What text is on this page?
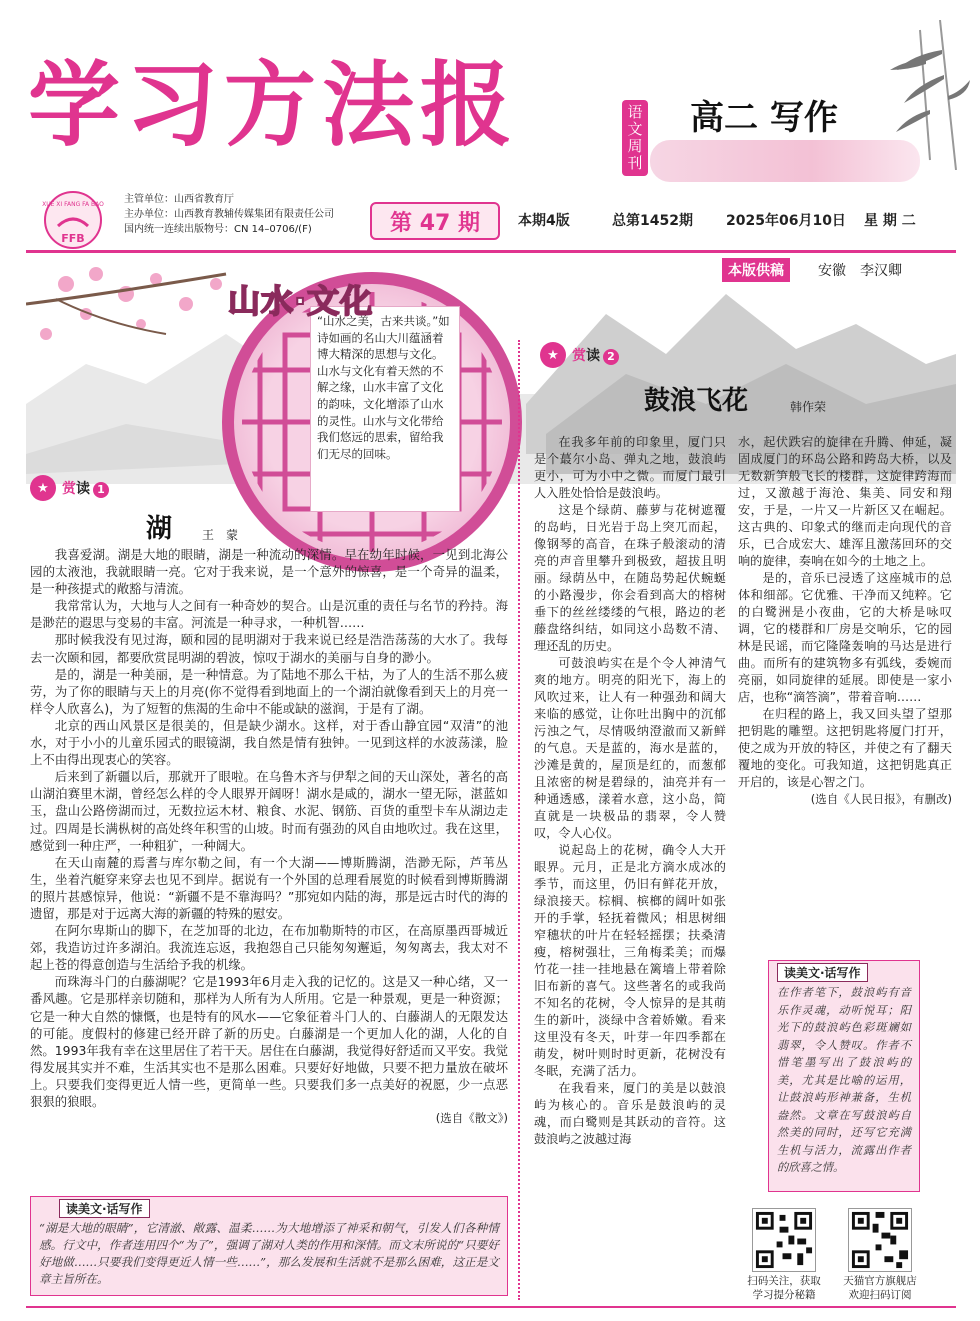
学习方法报	语文周刊
高二 写作
XUE XI FANG FA BAO
FFB
主管单位：山西省教育厅
主办单位：山西教育教辅传媒集团有限责任公司
国内统一连续出版物号：CN 14–0706/(F)	第 47 期	本期4版	总第1452期 2025年06月10日 星 期 二
本版供稿	安徽　李汉卿
“山水之美，古来共谈。”如诗如画的名山大川蕴涵着博大精深的思想与文化。山水与文化有着天然的不解之缘，山水丰富了文化的韵味，文化增添了山水的灵性。山水与文化带给我们悠远的思索，留给我们无尽的回味。
山水·文化
★ 赏读 1
湖 王　蒙

我喜爱湖。湖是大地的眼睛，湖是一种流动的深情。早在幼年时候，一见到北海公园的太液池，我就眼睛一亮。它对于我来说，是一个意外的惊喜，是一个奇异的温柔，是一种孩提式的敞豁与清流。

我常常认为，大地与人之间有一种奇妙的契合。山是沉重的责任与名节的矜持。海是渺茫的遐思与变易的丰富。河流是一种寻求，一种机智……

那时候我没有见过海，颐和园的昆明湖对于我来说已经是浩浩荡荡的大水了。我每去一次颐和园，都要欣赏昆明湖的碧波，惊叹于湖水的美丽与自身的渺小。

是的，湖是一种美丽，是一种情意。为了陆地不那么干枯，为了人的生活不那么疲劳，为了你的眼睛与天上的月亮(你不觉得看到地面上的一个湖泊就像看到天上的月亮一样令人欣喜么)，为了短暂的焦渴的生命中不能或缺的滋润，于是有了湖。

北京的西山风景区是很美的，但是缺少湖水。这样，对于香山静宜园“双清”的池水，对于小小的儿童乐园式的眼镜湖，我自然是情有独钟。一见到这样的水波荡漾，脸上不由得出现衷心的笑容。

后来到了新疆以后，那就开了眼啦。在乌鲁木齐与伊犁之间的天山深处，著名的高山湖泊赛里木湖，曾经怎么样的令人眼界开阔呀！湖水是咸的，湖水一望无际，湛蓝如玉，盘山公路傍湖而过，无数拉运木材、粮食、水泥、钢筋、百货的重型卡车从湖边走过。四周是长满枞树的高处终年积雪的山坡。时而有强劲的风自由地吹过。我在这里，感觉到一种庄严，一种粗犷，一种阔大。

在天山南麓的焉耆与库尔勒之间，有一个大湖——博斯腾湖，浩渺无际，芦苇丛生，坐着汽艇穿来穿去也见不到岸。据说有一个外国的总理看展览的时候看到博斯腾湖的照片甚感惊异，他说：“新疆不是不靠海吗？”那宛如内陆的海，那是远古时代的海的遗留，那是对于远离大海的新疆的特殊的慰安。

在阿尔卑斯山的脚下，在芝加哥的北边，在布加勒斯特的市区，在高原墨西哥城近郊，我造访过许多湖泊。我流连忘返，我抱怨自己只能匆匆邂逅，匆匆离去，我太对不起上苍的得意创造与生活给予我的机缘。

而珠海斗门的白藤湖呢？它是1993年6月走入我的记忆的。这是又一种心绪，又一番风趣。它是那样亲切随和，那样为人所有为人所用。它是一种景观，更是一种资源；它是一种大自然的慷慨，也是特有的风水——它象征着斗门人的、白藤湖人的无限发达的可能。度假村的修建已经开辟了新的历史。白藤湖是一个更加人化的湖，人化的自然。1993年我有幸在这里居住了若干天。居住在白藤湖，我觉得好舒适而又平安。我觉得发展其实并不难，生活其实也不是那么困难。只要好好地做，只要不把力量放在破坏上。只要我们变得更近人情一些，更简单一些。只要我们多一点美好的祝愿，少一点恶狠狠的狼眼。

(选自《散文》)

读美文·话写作
“湖是大地的眼睛”，它清澈、敞露、温柔……为大地增添了神采和朝气，引发人们各种情感。行文中，作者连用四个“为了”，强调了湖对人类的作用和深情。而文末所说的“只要好好地做……只要我们变得更近人情一些……”，那么发展和生活就不是那么困难，这正是文章主旨所在。
★ 赏读 2
鼓浪飞花	韩作荣

在我多年前的印象里，厦门只是个蕞尔小岛、弹丸之地，鼓浪屿更小，可为小中之微。而厦门最引人入胜处恰恰是鼓浪屿。

这是个绿荫、藤萝与花树遮覆的岛屿，日光岩于岛上突兀而起，像钢琴的高音，在珠子般滚动的清亮的声音里攀升到极致，超拔且明丽。绿荫丛中，在随岛势起伏蜿蜒的小路漫步，你会看到高大的榕树垂下的丝丝缕缕的气根，路边的老藤盘络纠结，如同这小岛数不清、理还乱的历史。

可鼓浪屿实在是个令人神清气爽的地方。明亮的阳光下，海上的风吹过来，让人有一种强劲和阔大来临的感觉，让你吐出胸中的沉郁污浊之气，尽情吸纳澄澈而又新鲜的气息。天是蓝的，海水是蓝的，沙滩是黄的，屋顶是红的，而葱郁且浓密的树是碧绿的，油亮并有一种通透感，漾着水意，这小岛，简直就是一块极品的翡翠，令人赞叹，令人心仪。

说起岛上的花树，确令人大开眼界。元月，正是北方滴水成冰的季节，而这里，仍旧有鲜花开放，绿浪接天。棕榈、槟榔的阔叶如张开的手掌，轻抚着微风；相思树细窄穗状的叶片在轻轻摇摆；扶桑清瘦，榕树强壮，三角梅柔美；而爆竹花一挂一挂地悬在篱墙上带着除旧布新的喜气。这些著名的或我尚不知名的花树，令人惊异的是其萌生的新叶，淡绿中含着娇嫩。看来这里没有冬天，叶芽一年四季都在萌发，树叶则时时更新，花树没有冬眠，充满了活力。

在我看来，厦门的美是以鼓浪屿为核心的。音乐是鼓浪屿的灵魂，而白鹭则是其跃动的音符。这鼓浪屿之波越过海

水，起伏跌宕的旋律在升腾、伸延，凝固成厦门的环岛公路和跨岛大桥，以及无数新笋般飞长的楼群，这旋律跨海而过，又激越于海沧、集美、同安和翔安，于是，一片又一片新区又在崛起。这古典的、印象式的继而走向现代的音乐，已合成宏大、雄浑且激荡回环的交响的旋律，奏响在如今的土地之上。

是的，音乐已浸透了这座城市的总体和细部。它优雅、干净而又纯粹。它的白鹭洲是小夜曲，它的大桥是咏叹调，它的楼群和厂房是交响乐，它的园林是民谣，而它隆隆轰响的马达是进行曲。而所有的建筑物多有弧线，委婉而亮丽，如同旋律的延展。即使是一家小店，也称“滴答滴”，带着音响……

在归程的路上，我又回头望了望那把钥匙的雕塑。这把钥匙将厦门打开，使之成为开放的特区，并使之有了翻天覆地的变化。可我知道，这把钥匙真正开启的，该是心智之门。

(选自《人民日报》，有删改)

读美文·话写作
在作者笔下，鼓浪屿有音乐作灵魂，动听悦耳；阳光下的鼓浪屿色彩斑斓如翡翠，令人赞叹。作者不惜笔墨写出了鼓浪屿的美，尤其是比喻的运用，让鼓浪屿形神兼备，生机盎然。文章在写鼓浪屿自然美的同时，还写它充满生机与活力，流露出作者的欣喜之情。
扫码关注，获取
学习提分秘籍
天猫官方旗舰店
欢迎扫码订阅
